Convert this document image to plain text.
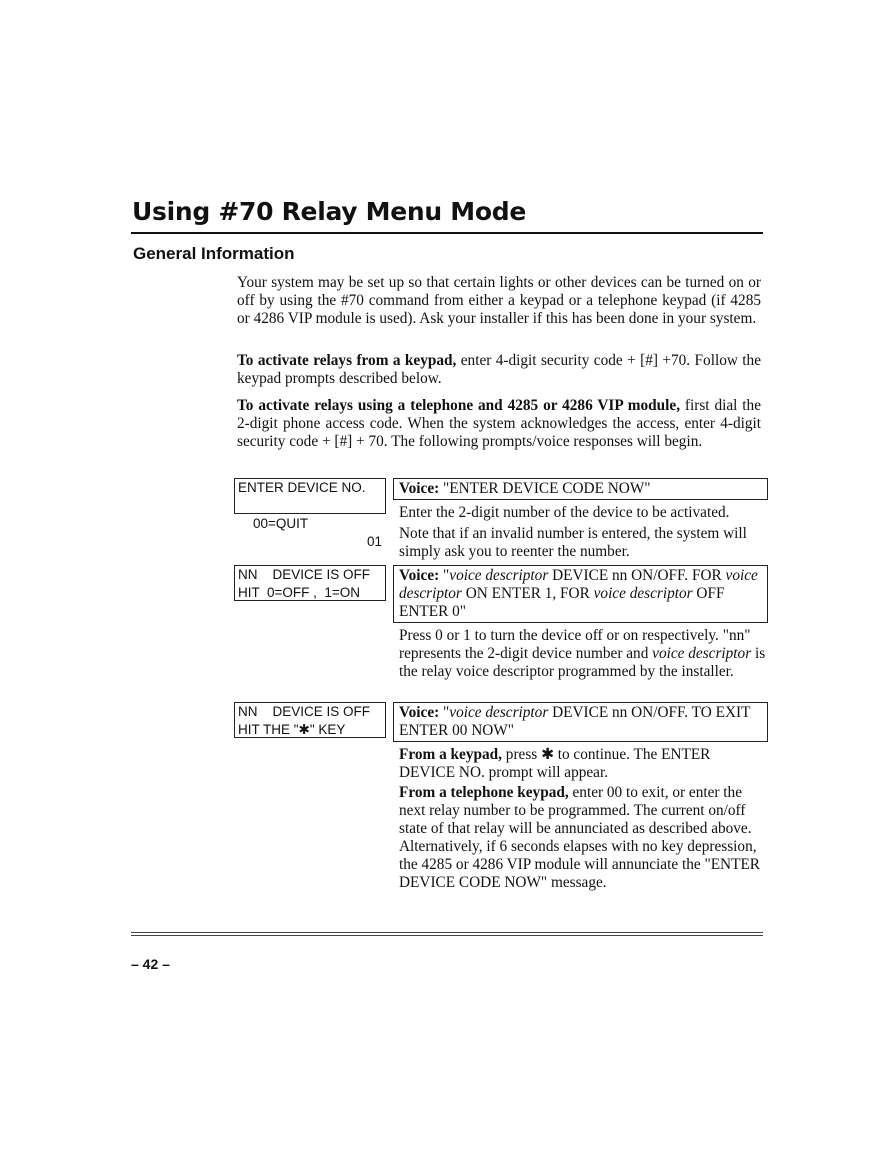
Using #70 Relay Menu Mode
General Information

Your system may be set up so that certain lights or other devices can be turned on or off by using the #70 command from either a keypad or a telephone keypad (if 4285 or 4286 VIP module is used). Ask your installer if this has been done in your system.

To activate relays from a keypad, enter 4-digit security code + [#] +70. Follow the keypad prompts described below.

To activate relays using a telephone and 4285 or 4286 VIP module, first dial the 2-digit phone access code. When the system acknowledges the access, enter 4-digit security code + [#] + 70. The following prompts/voice responses will begin.

ENTER DEVICE NO.

00=QUIT

01

Voice: "ENTER DEVICE CODE NOW"

Enter the 2-digit number of the device to be activated.

Note that if an invalid number is entered, the system will simply ask you to reenter the number.

NN    DEVICE IS OFF
HIT  0=OFF ,  1=ON
Voice: "voice descriptor DEVICE nn ON/OFF. FOR voice descriptor ON ENTER 1, FOR voice descriptor OFF ENTER 0"

Press 0 or 1 to turn the device off or on respectively. "nn" represents the 2-digit device number and voice descriptor is the relay voice descriptor programmed by the installer.

NN    DEVICE IS OFF
HIT THE "✱" KEY
Voice: "voice descriptor DEVICE nn ON/OFF. TO EXIT ENTER 00 NOW"

From a keypad, press ✱ to continue. The ENTER DEVICE NO. prompt will appear.

From a telephone keypad, enter 00 to exit, or enter the next relay number to be programmed. The current on/off state of that relay will be annunciated as described above. Alternatively, if 6 seconds elapses with no key depression, the 4285 or 4286 VIP module will annunciate the "ENTER DEVICE CODE NOW" message.

– 42 –
